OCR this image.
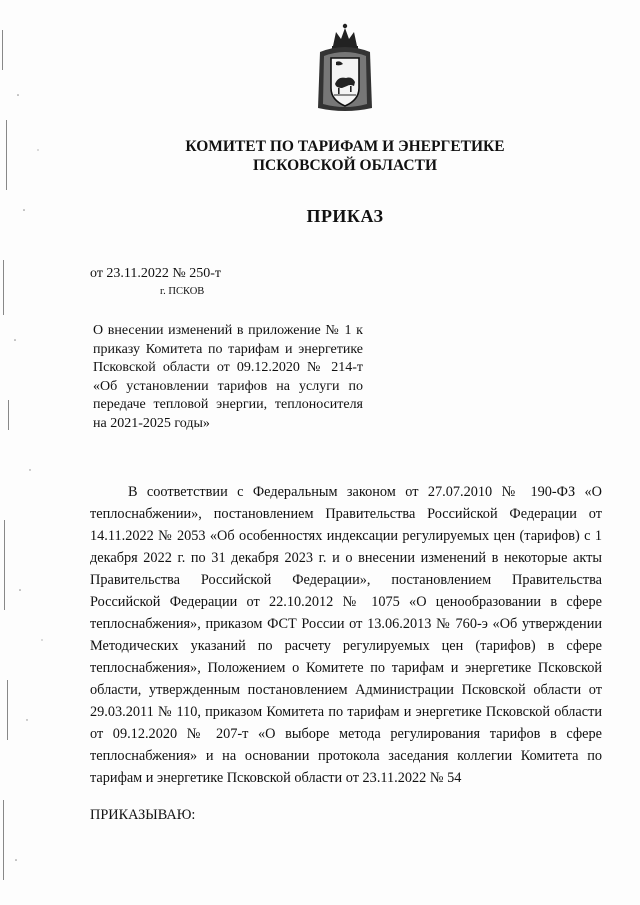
КОМИТЕТ ПО ТАРИФАМ И ЭНЕРГЕТИКЕ
ПСКОВСКОЙ ОБЛАСТИ
ПРИКАЗ
от 23.11.2022 № 250-т
г. ПСКОВ
О внесении изменений в приложение № 1 к приказу Комитета по тарифам и энергетике Псковской области от 09.12.2020 № 214-т «Об установлении тарифов на услуги по передаче тепловой энергии, теплоносителя на 2021-2025 годы»
В соответствии с Федеральным законом от 27.07.2010 № 190-ФЗ «О теплоснабжении», постановлением Правительства Российской Федерации от 14.11.2022 № 2053 «Об особенностях индексации регулируемых цен (тарифов) с 1 декабря 2022 г. по 31 декабря 2023 г. и о внесении изменений в некоторые акты Правительства Российской Федерации», постановлением Правительства Российской Федерации от 22.10.2012 № 1075 «О ценообразовании в сфере теплоснабжения», приказом ФСТ России от 13.06.2013 № 760-э «Об утверждении Методических указаний по расчету регулируемых цен (тарифов) в сфере теплоснабжения», Положением о Комитете по тарифам и энергетике Псковской области, утвержденным постановлением Администрации Псковской области от 29.03.2011 № 110, приказом Комитета по тарифам и энергетике Псковской области от 09.12.2020 № 207-т «О выборе метода регулирования тарифов в сфере теплоснабжения» и на основании протокола заседания коллегии Комитета по тарифам и энергетике Псковской области от 23.11.2022 № 54
ПРИКАЗЫВАЮ:
